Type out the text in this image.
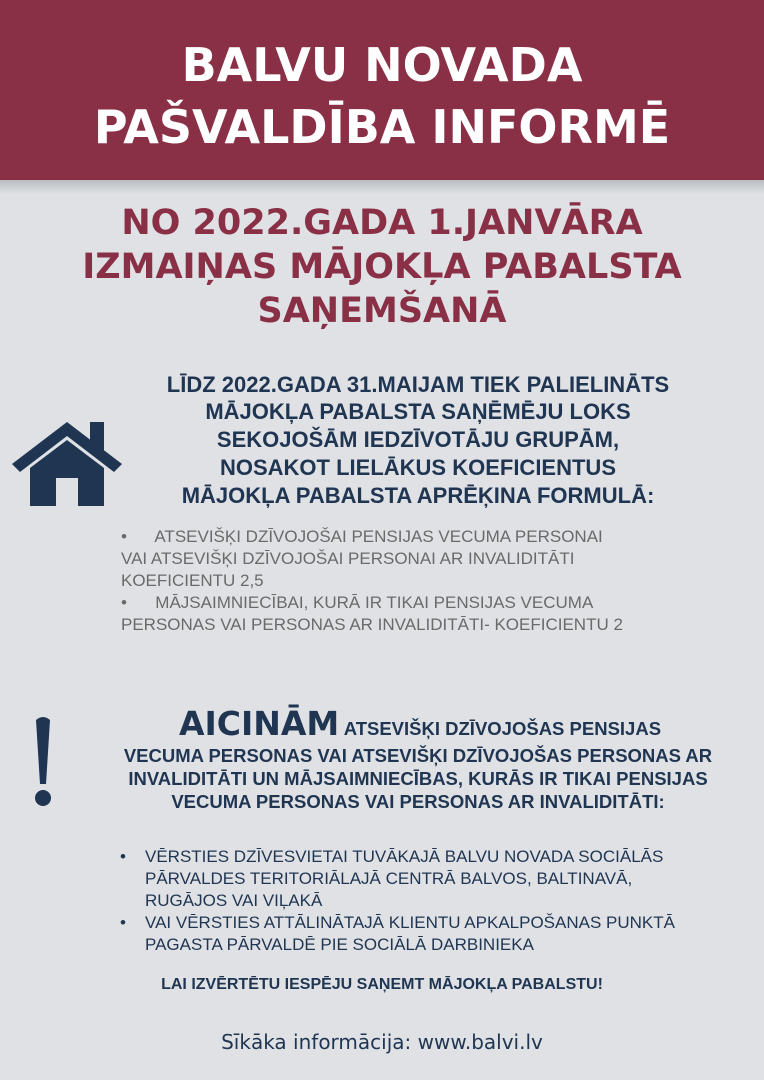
BALVU NOVADA
PAŠVALDĪBA INFORMĒ
NO 2022.GADA 1.JANVĀRA
IZMAIŅAS MĀJOKĻA PABALSTA
SAŅEMŠANĀ
LĪDZ 2022.GADA 31.MAIJAM TIEK PALIELINĀTS
MĀJOKĻA PABALSTA SAŅĒMĒJU LOKS
SEKOJOŠĀM IEDZĪVOTĀJU GRUPĀM,
NOSAKOT LIELĀKUS KOEFICIENTUS
MĀJOKĻA PABALSTA APRĒĶINA FORMULĀ:
•      ATSEVIŠĶI DZĪVOJOŠAI PENSIJAS VECUMA PERSONAI
VAI ATSEVIŠĶI DZĪVOJOŠAI PERSONAI AR INVALIDITĀTI
KOEFICIENTU 2,5
•      MĀJSAIMNIECĪBAI, KURĀ IR TIKAI PENSIJAS VECUMA
PERSONAS VAI PERSONAS AR INVALIDITĀTI- KOEFICIENTU 2
AICINĀM ATSEVIŠĶI DZĪVOJOŠAS PENSIJAS
VECUMA PERSONAS VAI ATSEVIŠĶI DZĪVOJOŠAS PERSONAS AR
INVALIDITĀTI UN MĀJSAIMNIECĪBAS, KURĀS IR TIKAI PENSIJAS
VECUMA PERSONAS VAI PERSONAS AR INVALIDITĀTI:
• VĒRSTIES DZĪVESVIETAI TUVĀKAJĀ BALVU NOVADA SOCIĀLĀS
PĀRVALDES TERITORIĀLAJĀ CENTRĀ BALVOS, BALTINAVĀ,
RUGĀJOS VAI VIĻAKĀ
• VAI VĒRSTIES ATTĀLINĀTAJĀ KLIENTU APKALPOŠANAS PUNKTĀ
PAGASTA PĀRVALDĒ PIE SOCIĀLĀ DARBINIEKA
LAI IZVĒRTĒTU IESPĒJU SAŅEMT MĀJOKĻA PABALSTU!
Sīkāka informācija: www.balvi.lv
